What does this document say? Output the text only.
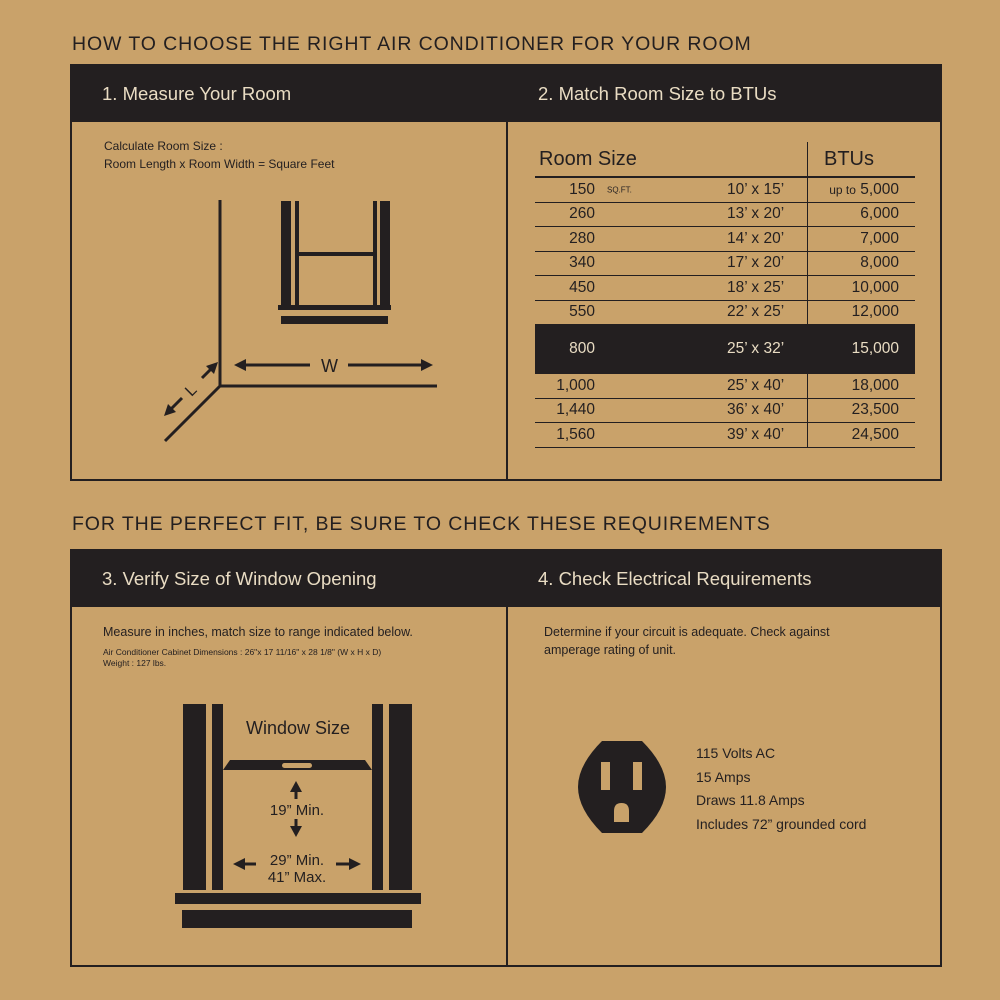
HOW TO CHOOSE THE RIGHT AIR CONDITIONER FOR YOUR ROOM
1. Measure Your Room
Calculate Room Size :
Room Length x Room Width = Square Feet
W
L
2. Match Room Size to BTUs
Room Size			BTUs
150	SQ.FT.	10’ x 15’	up to 5,000
260		13’ x 20’	6,000
280		14’ x 20’	7,000
340		17’ x 20’	8,000
450		18’ x 25’	10,000
550		22’ x 25’	12,000
800		25’ x 32’	15,000
1,000		25’ x 40’	18,000
1,440		36’ x 40’	23,500
1,560		39’ x 40’	24,500
FOR THE PERFECT FIT, BE SURE TO CHECK THESE REQUIREMENTS
3. Verify Size of Window Opening
Measure in inches, match size to range indicated below.
Air Conditioner Cabinet Dimensions : 26"x 17 11/16" x 28 1/8" (W x H x D)
Weight : 127 lbs.
Window Size
19” Min.
29” Min.
41” Max.
4. Check Electrical Requirements
Determine if your circuit is adequate. Check against
amperage rating of unit.
115 Volts AC
15 Amps
Draws 11.8 Amps
Includes 72” grounded cord
